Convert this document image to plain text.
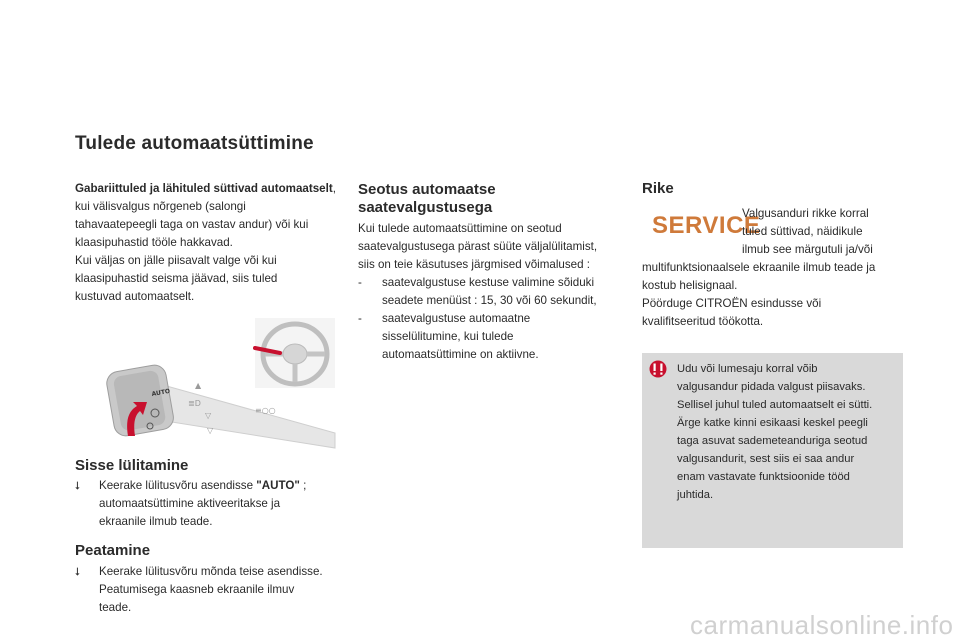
Tulede automaatsüttimine

Gabariittuled ja lähituled süttivad automaatselt,

kui välisvalgus nõrgeneb (salongi

tahavaatepeegli taga on vastav andur) või kui

klaasipuhastid tööle hakkavad.

Kui väljas on jälle piisavalt valge või kui

klaasipuhastid seisma jäävad, siis tuled

kustuvad automaatselt.

AUTO
▲
≣D
▽
▽
≡○○
Sisse lülitamine
⭣ Keerake lülitusvõru asendisse "AUTO" ;

automaatsüttimine aktiveeritakse ja

ekraanile ilmub teade.

Peatamine
⭣ Keerake lülitusvõru mõnda teise asendisse.

Peatumisega kaasneb ekraanile ilmuv

teade.

Seotus automaatse

saatevalgustusega

Kui tulede automaatsüttimine on seotud

saatevalgustusega pärast süüte väljalülitamist,

siis on teie käsutuses järgmised võimalused :

- saatevalgustuse kestuse valimine sõiduki

seadete menüüst : 15, 30 või 60 sekundit,

- saatevalgustuse automaatne

sisselülitumine, kui tulede

automaatsüttimine on aktiivne.

Rike
SERVICE

Valgusanduri rikke korral

tuled süttivad, näidikule

ilmub see märgutuli ja/või

multifunktsionaalsele ekraanile ilmub teade ja

kostub helisignaal.

Pöörduge CITROËN esindusse või

kvalifitseeritud töökotta.

Udu või lumesaju korral võib

valgusandur pidada valgust piisavaks.

Sellisel juhul tuled automaatselt ei sütti.

Ärge katke kinni esikaasi keskel peegli

taga asuvat sademeteanduriga seotud

valgusandurit, sest siis ei saa andur

enam vastavate funktsioonide tööd

juhtida.

carmanualsonline.info
